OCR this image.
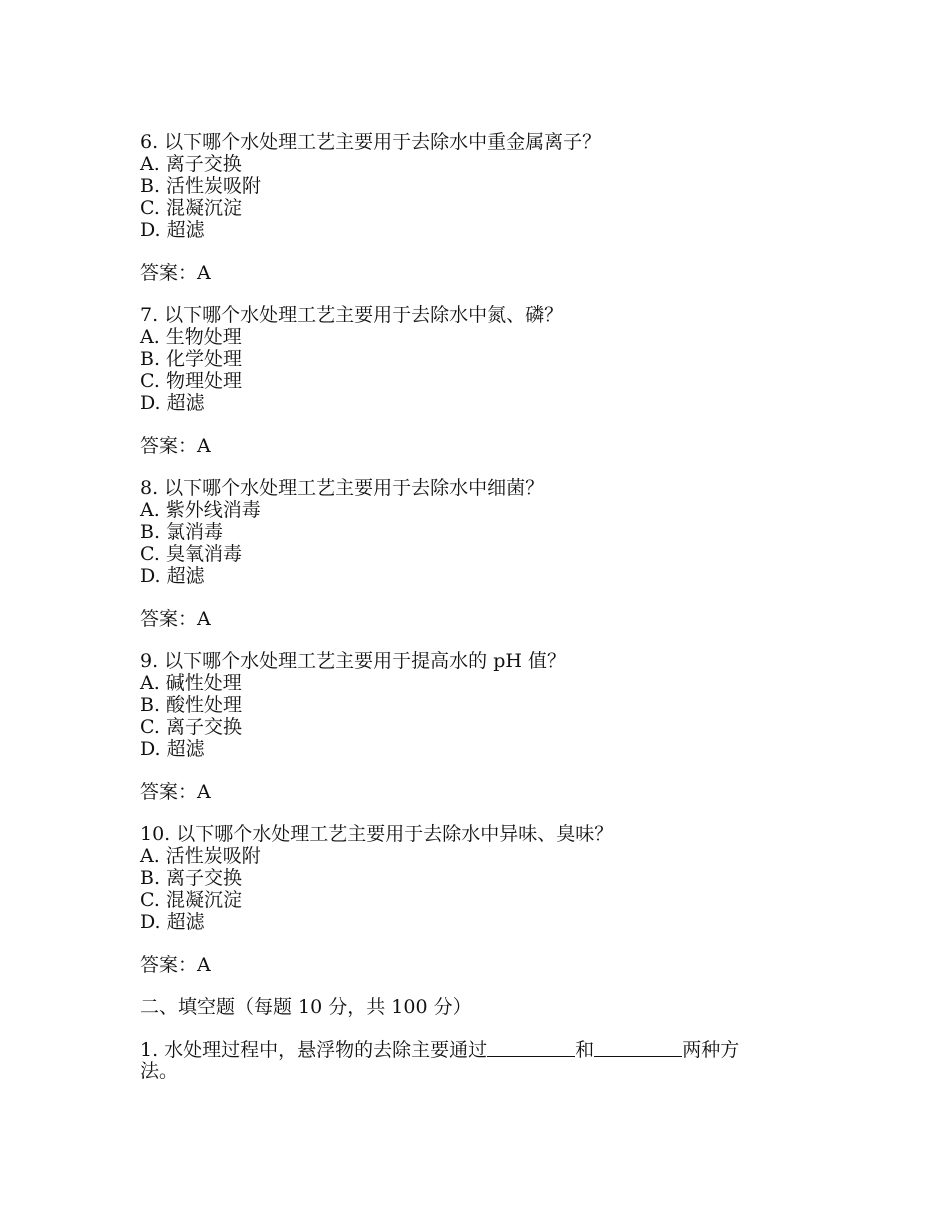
6. 以下哪个水处理工艺主要用于去除水中重金属离子？

A. 离子交换

B. 活性炭吸附

C. 混凝沉淀

D. 超滤

答案：A

7. 以下哪个水处理工艺主要用于去除水中氮、磷？

A. 生物处理

B. 化学处理

C. 物理处理

D. 超滤

答案：A

8. 以下哪个水处理工艺主要用于去除水中细菌？

A. 紫外线消毒

B. 氯消毒

C. 臭氧消毒

D. 超滤

答案：A

9. 以下哪个水处理工艺主要用于提高水的 pH 值？

A. 碱性处理

B. 酸性处理

C. 离子交换

D. 超滤

答案：A

10. 以下哪个水处理工艺主要用于去除水中异味、臭味？

A. 活性炭吸附

B. 离子交换

C. 混凝沉淀

D. 超滤

答案：A

二、填空题（每题 10 分，共 100 分）

1. 水处理过程中，悬浮物的去除主要通过	和	两种方

法。
